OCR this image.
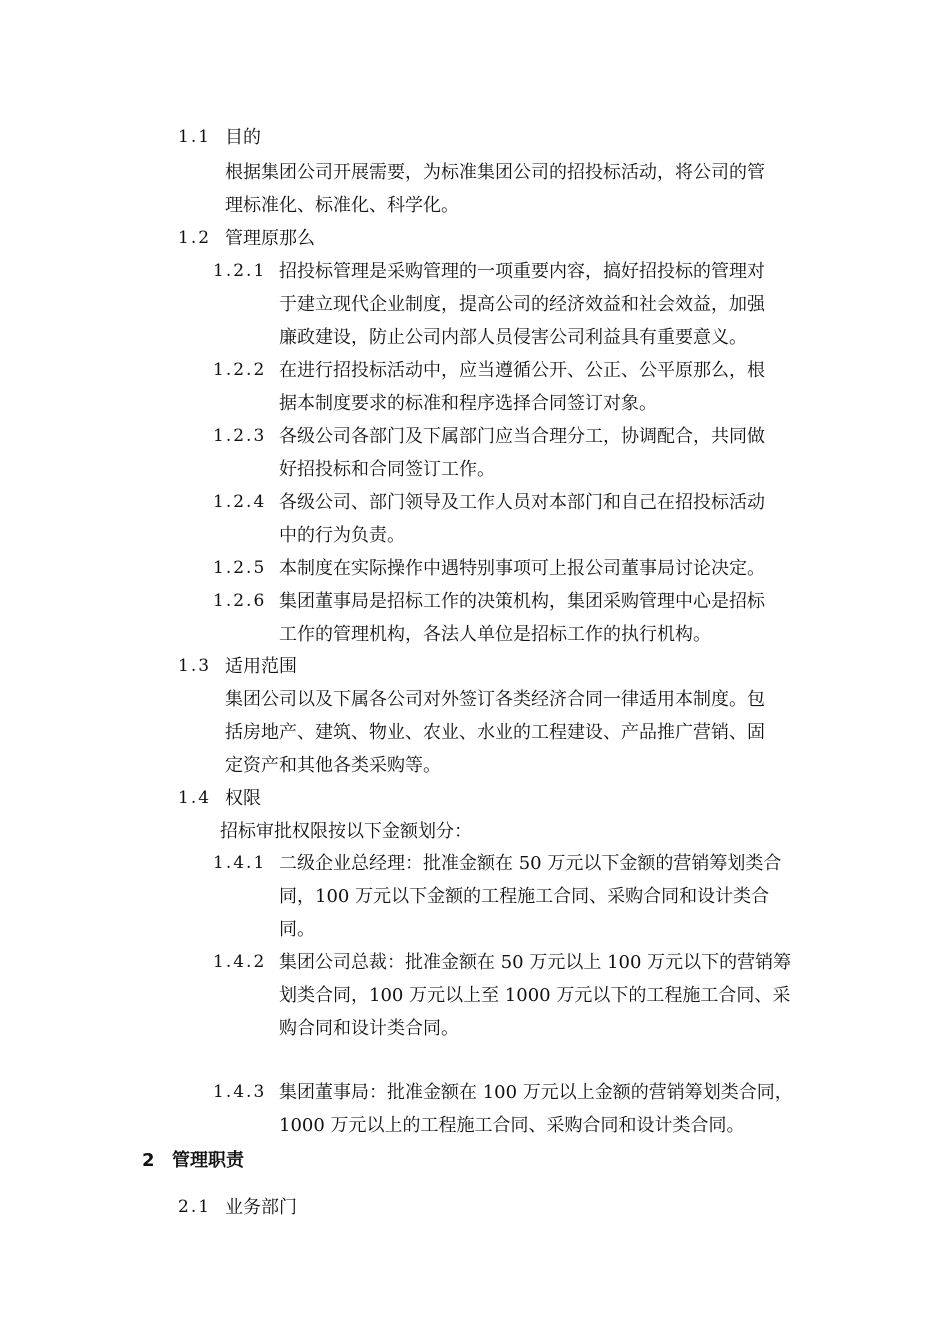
1.1 目的
根据集团公司开展需要，为标准集团公司的招投标活动，将公司的管
理标准化、标准化、科学化。
1.2 管理原那么
1.2.1 招投标管理是采购管理的一项重要内容，搞好招投标的管理对
于建立现代企业制度，提高公司的经济效益和社会效益，加强
廉政建设，防止公司内部人员侵害公司利益具有重要意义。
1.2.2 在进行招投标活动中，应当遵循公开、公正、公平原那么，根
据本制度要求的标准和程序选择合同签订对象。
1.2.3 各级公司各部门及下属部门应当合理分工，协调配合，共同做
好招投标和合同签订工作。
1.2.4 各级公司、部门领导及工作人员对本部门和自己在招投标活动
中的行为负责。
1.2.5 本制度在实际操作中遇特别事项可上报公司董事局讨论决定。
1.2.6 集团董事局是招标工作的决策机构，集团采购管理中心是招标
工作的管理机构，各法人单位是招标工作的执行机构。
1.3 适用范围
集团公司以及下属各公司对外签订各类经济合同一律适用本制度。包
括房地产、建筑、物业、农业、水业的工程建设、产品推广营销、固
定资产和其他各类采购等。
1.4 权限
招标审批权限按以下金额划分：
1.4.1 二级企业总经理：批准金额在 50 万元以下金额的营销筹划类合
同，100 万元以下金额的工程施工合同、采购合同和设计类合
同。
1.4.2 集团公司总裁：批准金额在 50 万元以上 100 万元以下的营销筹
划类合同，100 万元以上至 1000 万元以下的工程施工合同、采
购合同和设计类合同。
1.4.3 集团董事局：批准金额在 100 万元以上金额的营销筹划类合同，
1000 万元以上的工程施工合同、采购合同和设计类合同。
2 管理职责
2.1 业务部门
